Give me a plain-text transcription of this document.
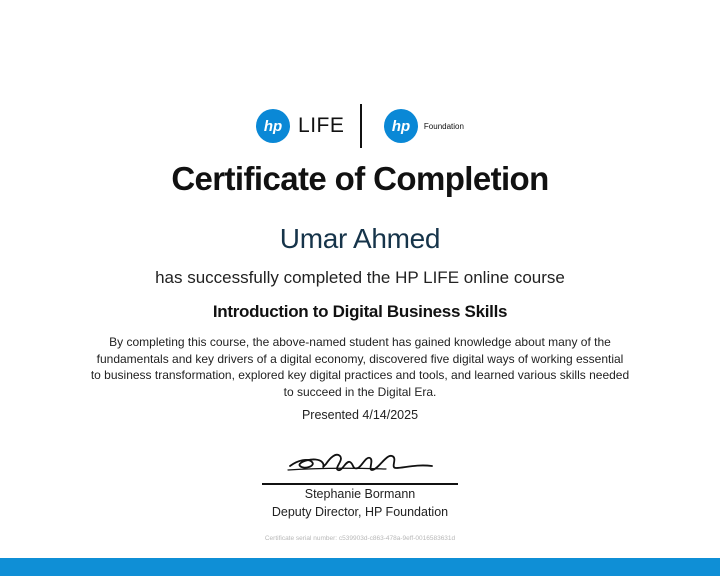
hp LIFE	hp Foundation
Certificate of Completion
Umar Ahmed
has successfully completed the HP LIFE online course
Introduction to Digital Business Skills
By completing this course, the above-named student has gained knowledge about many of the fundamentals and key drivers of a digital economy, discovered five digital ways of working essential to business transformation, explored key digital practices and tools, and learned various skills needed to succeed in the Digital Era.
Presented 4/14/2025
Stephanie Bormann
Deputy Director, HP Foundation
Certificate serial number: c539903d-c863-478a-9eff-0016583631d
